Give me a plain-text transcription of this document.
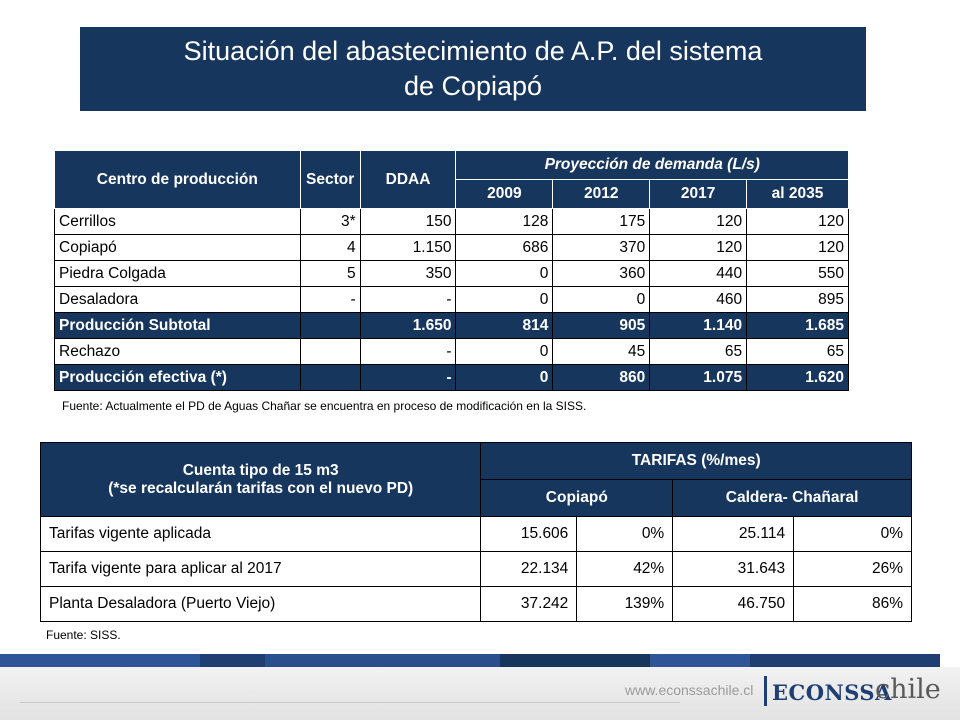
Situación del abastecimiento de A.P. del sistema
de Copiapó
Centro de producción	Sector	DDAA	Proyección de demanda (L/s)			
			2009	2012	2017	al 2035
Cerrillos	3*	150	128	175	120	120
Copiapó	4	1.150	686	370	120	120
Piedra Colgada	5	350	0	360	440	550
Desaladora	-	-	0	0	460	895
Producción Subtotal		1.650	814	905	1.140	1.685
Rechazo		-	0	45	65	65
Producción efectiva (*)		-	0	860	1.075	1.620
Fuente: Actualmente el PD de Aguas Chañar se encuentra en proceso de modificación en la SISS.
Cuenta tipo de 15 m3
(*se recalcularán tarifas con el nuevo PD)	TARIFAS (%/mes)			
	Copiapó		Caldera- Chañaral	
Tarifas vigente aplicada	15.606	0%	25.114	0%
Tarifa vigente para aplicar al 2017	22.134	42%	31.643	26%
Planta Desaladora (Puerto Viejo)	37.242	139%	46.750	86%
Fuente: SISS.
www.econssachile.cl ECONSSA
chile
